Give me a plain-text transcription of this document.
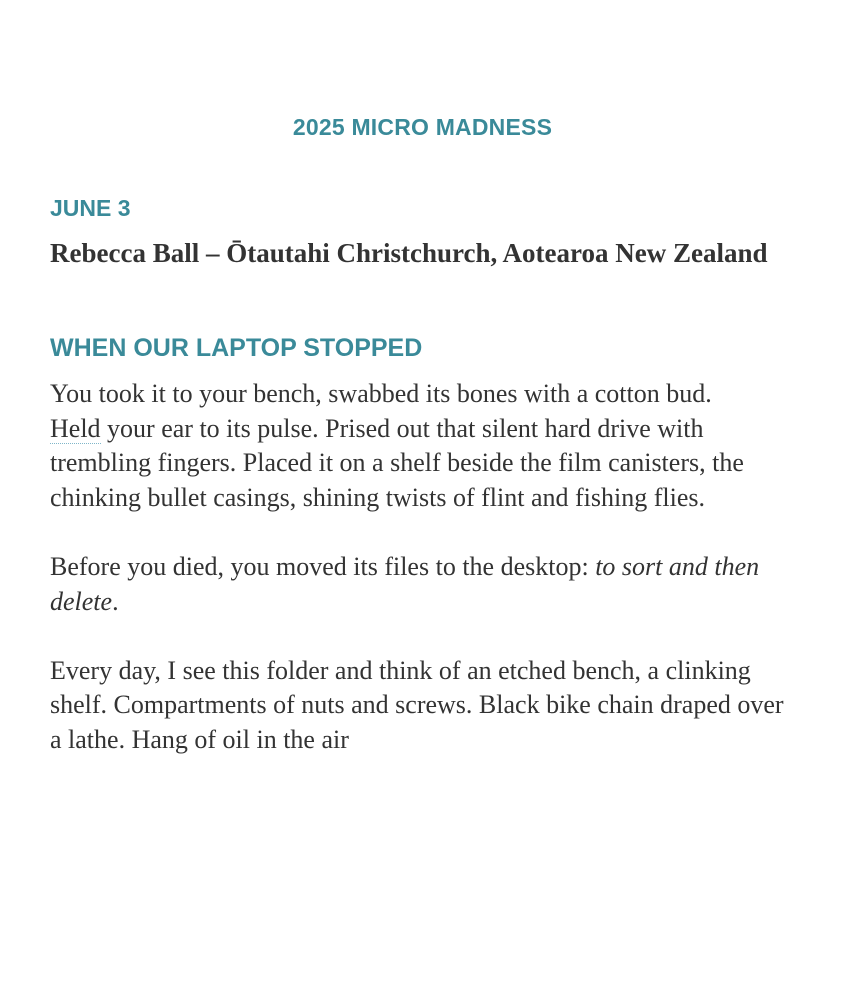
2025 MICRO MADNESS
JUNE 3
Rebecca Ball – Ōtautahi Christchurch, Aotearoa New Zealand
WHEN OUR LAPTOP STOPPED

You took it to your bench, swabbed its bones with a cotton bud.
Held your ear to its pulse. Prised out that silent hard drive with trembling fingers. Placed it on a shelf beside the film canisters, the chinking bullet casings, shining twists of flint and fishing flies.

Before you died, you moved its files to the desktop: to sort and then delete.

Every day, I see this folder and think of an etched bench, a clinking shelf. Compartments of nuts and screws. Black bike chain draped over a lathe. Hang of oil in the air
